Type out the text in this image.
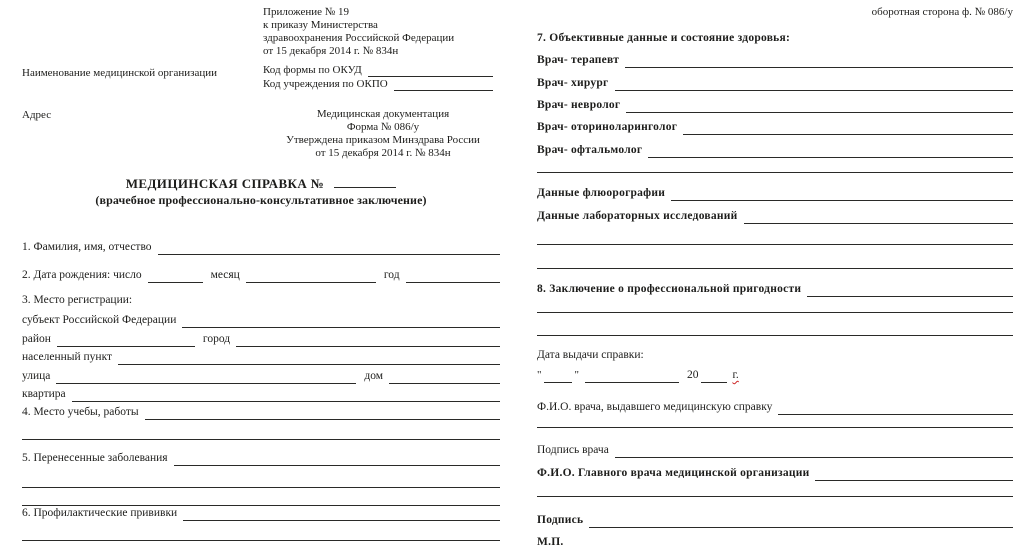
Приложение № 19
к приказу Министерства
здравоохранения Российской Федерации
от 15 декабря 2014 г. № 834н
Наименование медицинской организации	Код формы по ОКУД
Код учреждения по ОКПО
Адрес	Медицинская документация
Форма № 086/у
Утверждена приказом Минздрава России
от 15 декабря 2014 г. № 834н
МЕДИЦИНСКАЯ СПРАВКА №
(врачебное профессионально-консультативное заключение)
1. Фамилия, имя, отчество
2. Дата рождения: число	месяц	год
3. Место регистрации:
субъект Российской Федерации
район	город
населенный пункт
улица	дом
квартира
4. Место учебы, работы
5. Перенесенные заболевания
6. Профилактические прививки
оборотная сторона ф. № 086/у
7. Объективные данные и состояние здоровья:
Врач- терапевт
Врач- хирург
Врач- невролог
Врач- оториноларинголог
Врач- офтальмолог
Данные флюорографии
Данные лабораторных исследований
8. Заключение о профессиональной пригодности
Дата выдачи справки:
"	"	20	г.
Ф.И.О. врача, выдавшего медицинскую справку
Подпись врача
Ф.И.О. Главного врача медицинской организации
Подпись
М.П.
